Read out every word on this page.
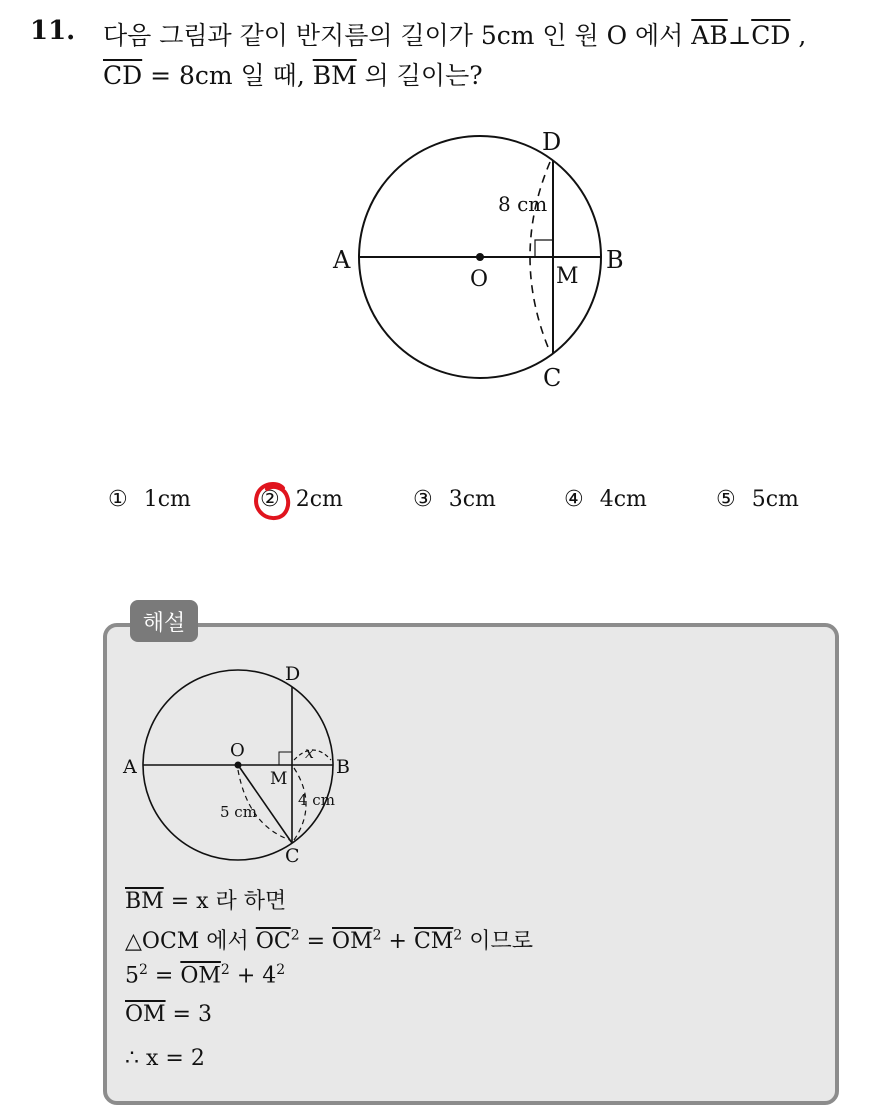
11. 다음 그림과 같이 반지름의 길이가 5cm 인 원 O 에서 $\overline{AB}\perp\overline{CD}$ ,
$\overline{CD} = 8cm$ 일 때, $\overline{BM}$ 의 길이는?
A	B
D
C
O	M
8 cm
① 1cm	② 2cm	③ 3cm	④ 4cm	⑤ 5cm
해설
A	B
D
C
O
M
x
5 cm
4 cm
$\overline{BM} = x$ 라 하면
△OCM 에서 $\overline{OC}^2 = \overline{OM}^2 + \overline{CM}^2$ 이므로
$5^2 = \overline{OM}^2 + 4^2$
$\overline{OM} = 3$
∴ x = 2
